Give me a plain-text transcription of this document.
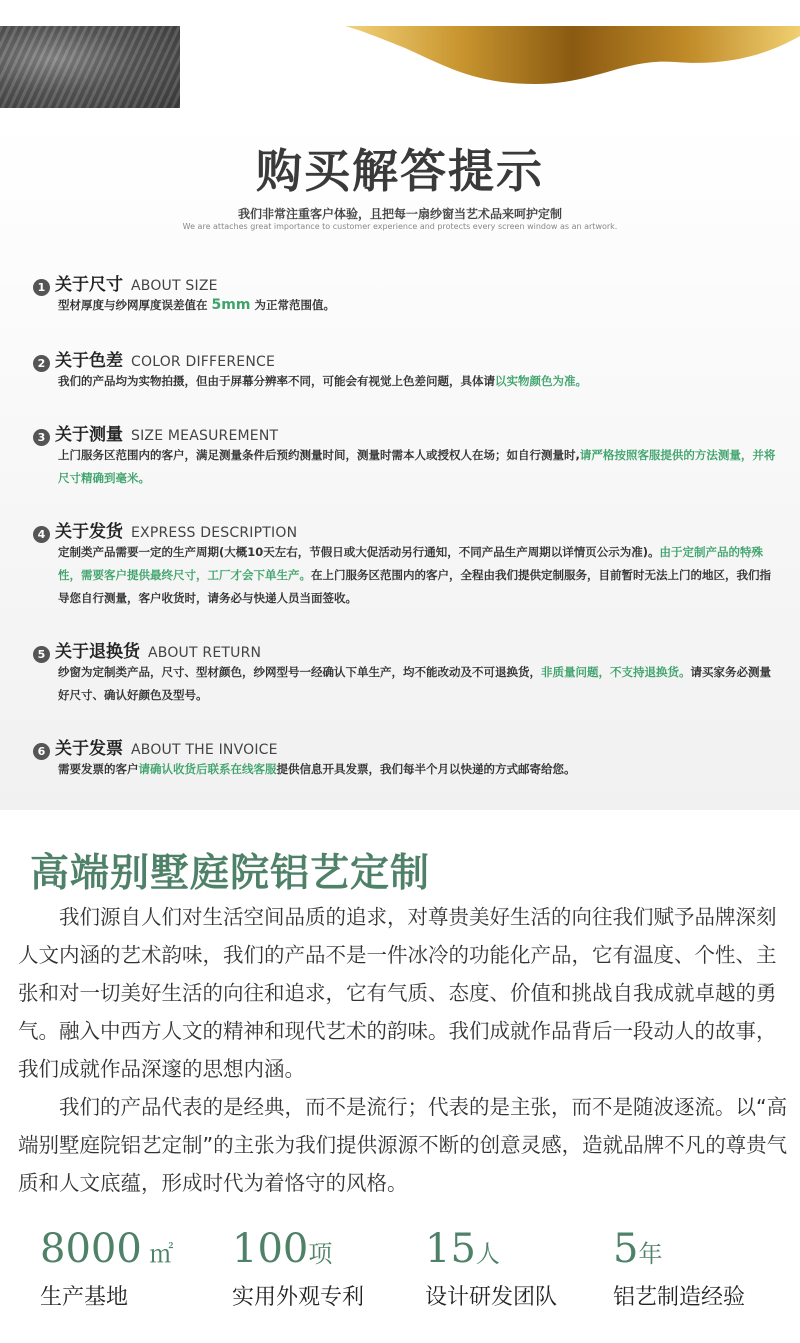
购买解答提示
我们非常注重客户体验，且把每一扇纱窗当艺术品来呵护定制
We are attaches great importance to customer experience and protects every screen window as an artwork.
1 关于尺寸 ABOUT SIZE
型材厚度与纱网厚度误差值在 5mm 为正常范围值。
2 关于色差 COLOR DIFFERENCE
我们的产品均为实物拍摄，但由于屏幕分辨率不同，可能会有视觉上色差问题，具体请以实物颜色为准。
3 关于测量 SIZE MEASUREMENT
上门服务区范围内的客户，满足测量条件后预约测量时间，测量时需本人或授权人在场；如自行测量时,请严格按照客服提供的方法测量，并将尺寸精确到毫米。
4 关于发货 EXPRESS DESCRIPTION
定制类产品需要一定的生产周期(大概10天左右，节假日或大促活动另行通知，不同产品生产周期以详情页公示为准)。由于定制产品的特殊性，需要客户提供最终尺寸，工厂才会下单生产。在上门服务区范围内的客户，全程由我们提供定制服务，目前暂时无法上门的地区，我们指导您自行测量，客户收货时，请务必与快递人员当面签收。
5 关于退换货 ABOUT RETURN
纱窗为定制类产品，尺寸、型材颜色，纱网型号一经确认下单生产，均不能改动及不可退换货，非质量问题，不支持退换货。请买家务必测量好尺寸、确认好颜色及型号。
6 关于发票 ABOUT THE INVOICE
需要发票的客户请确认收货后联系在线客服提供信息开具发票，我们每半个月以快递的方式邮寄给您。
高端别墅庭院铝艺定制
我们源自人们对生活空间品质的追求，对尊贵美好生活的向往我们赋予品牌深刻人文内涵的艺术韵味，我们的产品不是一件冰冷的功能化产品，它有温度、个性、主张和对一切美好生活的向往和追求，它有气质、态度、价值和挑战自我成就卓越的勇气。融入中西方人文的精神和现代艺术的韵味。我们成就作品背后一段动人的故事，我们成就作品深邃的思想内涵。
我们的产品代表的是经典，而不是流行；代表的是主张，而不是随波逐流。以“高端别墅庭院铝艺定制”的主张为我们提供源源不断的创意灵感，造就品牌不凡的尊贵气质和人文底蕴，形成时代为着恪守的风格。
8000 ㎡
生产基地
100项
实用外观专利
15人
设计研发团队
5年
铝艺制造经验
